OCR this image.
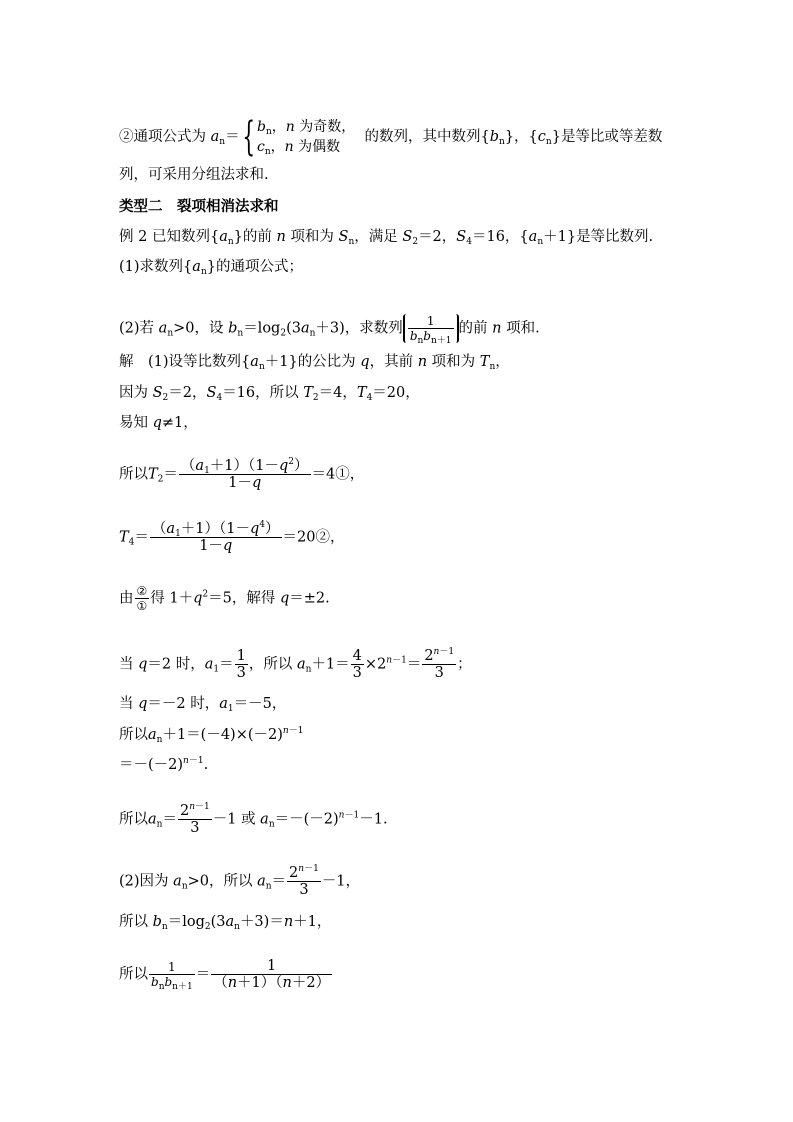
②通项公式为 $a_n=${ $b_n$，n 为奇数，
$c_n$，n 为偶数
的数列，其中数列$\{b_n\}$，$\{c_n\}$是等比或等差数
列，可采用分组法求和.
类型二　裂项相消法求和
例 2 已知数列$\{a_n\}$的前 n 项和为 $S_n$，满足 $S_2=2$，$S_4=16$，$\{a_n+1\}$是等比数列.
(1)求数列$\{a_n\}$的通项公式；
(2)若 $a_n>0$，设 $b_n=\log_2(3a_n+3)$，求数列 $\frac{1}{b_nb_{n+1}}$ 的前 n 项和.
解　(1)设等比数列$\{a_n+1\}$的公比为 q，其前 n 项和为 $T_n$，
因为 $S_2=2$，$S_4=16$，所以 $T_2=4$，$T_4=20$，
易知 q≠1，
所以$T_2= \frac{(a_1+1)(1-q^2)}{1-q}$ ＝4①，
$T_4= \frac{(a_1+1)(1-q^4)}{1-q}$ ＝20②，
由 $\frac{\text{②}}{\text{①}}$ 得 $1+q^2=5$，解得 q＝±2.
当 q＝2 时，$a_1= \frac{1}{3}$ ，所以 $a_n+1= \frac{4}{3} \times 2^{n-1}= \frac{2^{n-1}}{3}$ ；
当 q＝－2 时，$a_1=-5$，
所以$a_n+1=(-4)\times(-2)^{n-1}$
$=-(-2)^{n-1}$.
所以$a_n= \frac{2^{n-1}}{3} -1$ 或 $a_n=-(-2)^{n-1}-1$.
(2)因为 $a_n>0$，所以 $a_n= \frac{2^{n-1}}{3} -1$，
所以 $b_n=\log_2(3a_n+3)=n+1$，
所以 $\frac{1}{b_nb_{n+1}} = \frac{1}{(n+1)(n+2)}$
